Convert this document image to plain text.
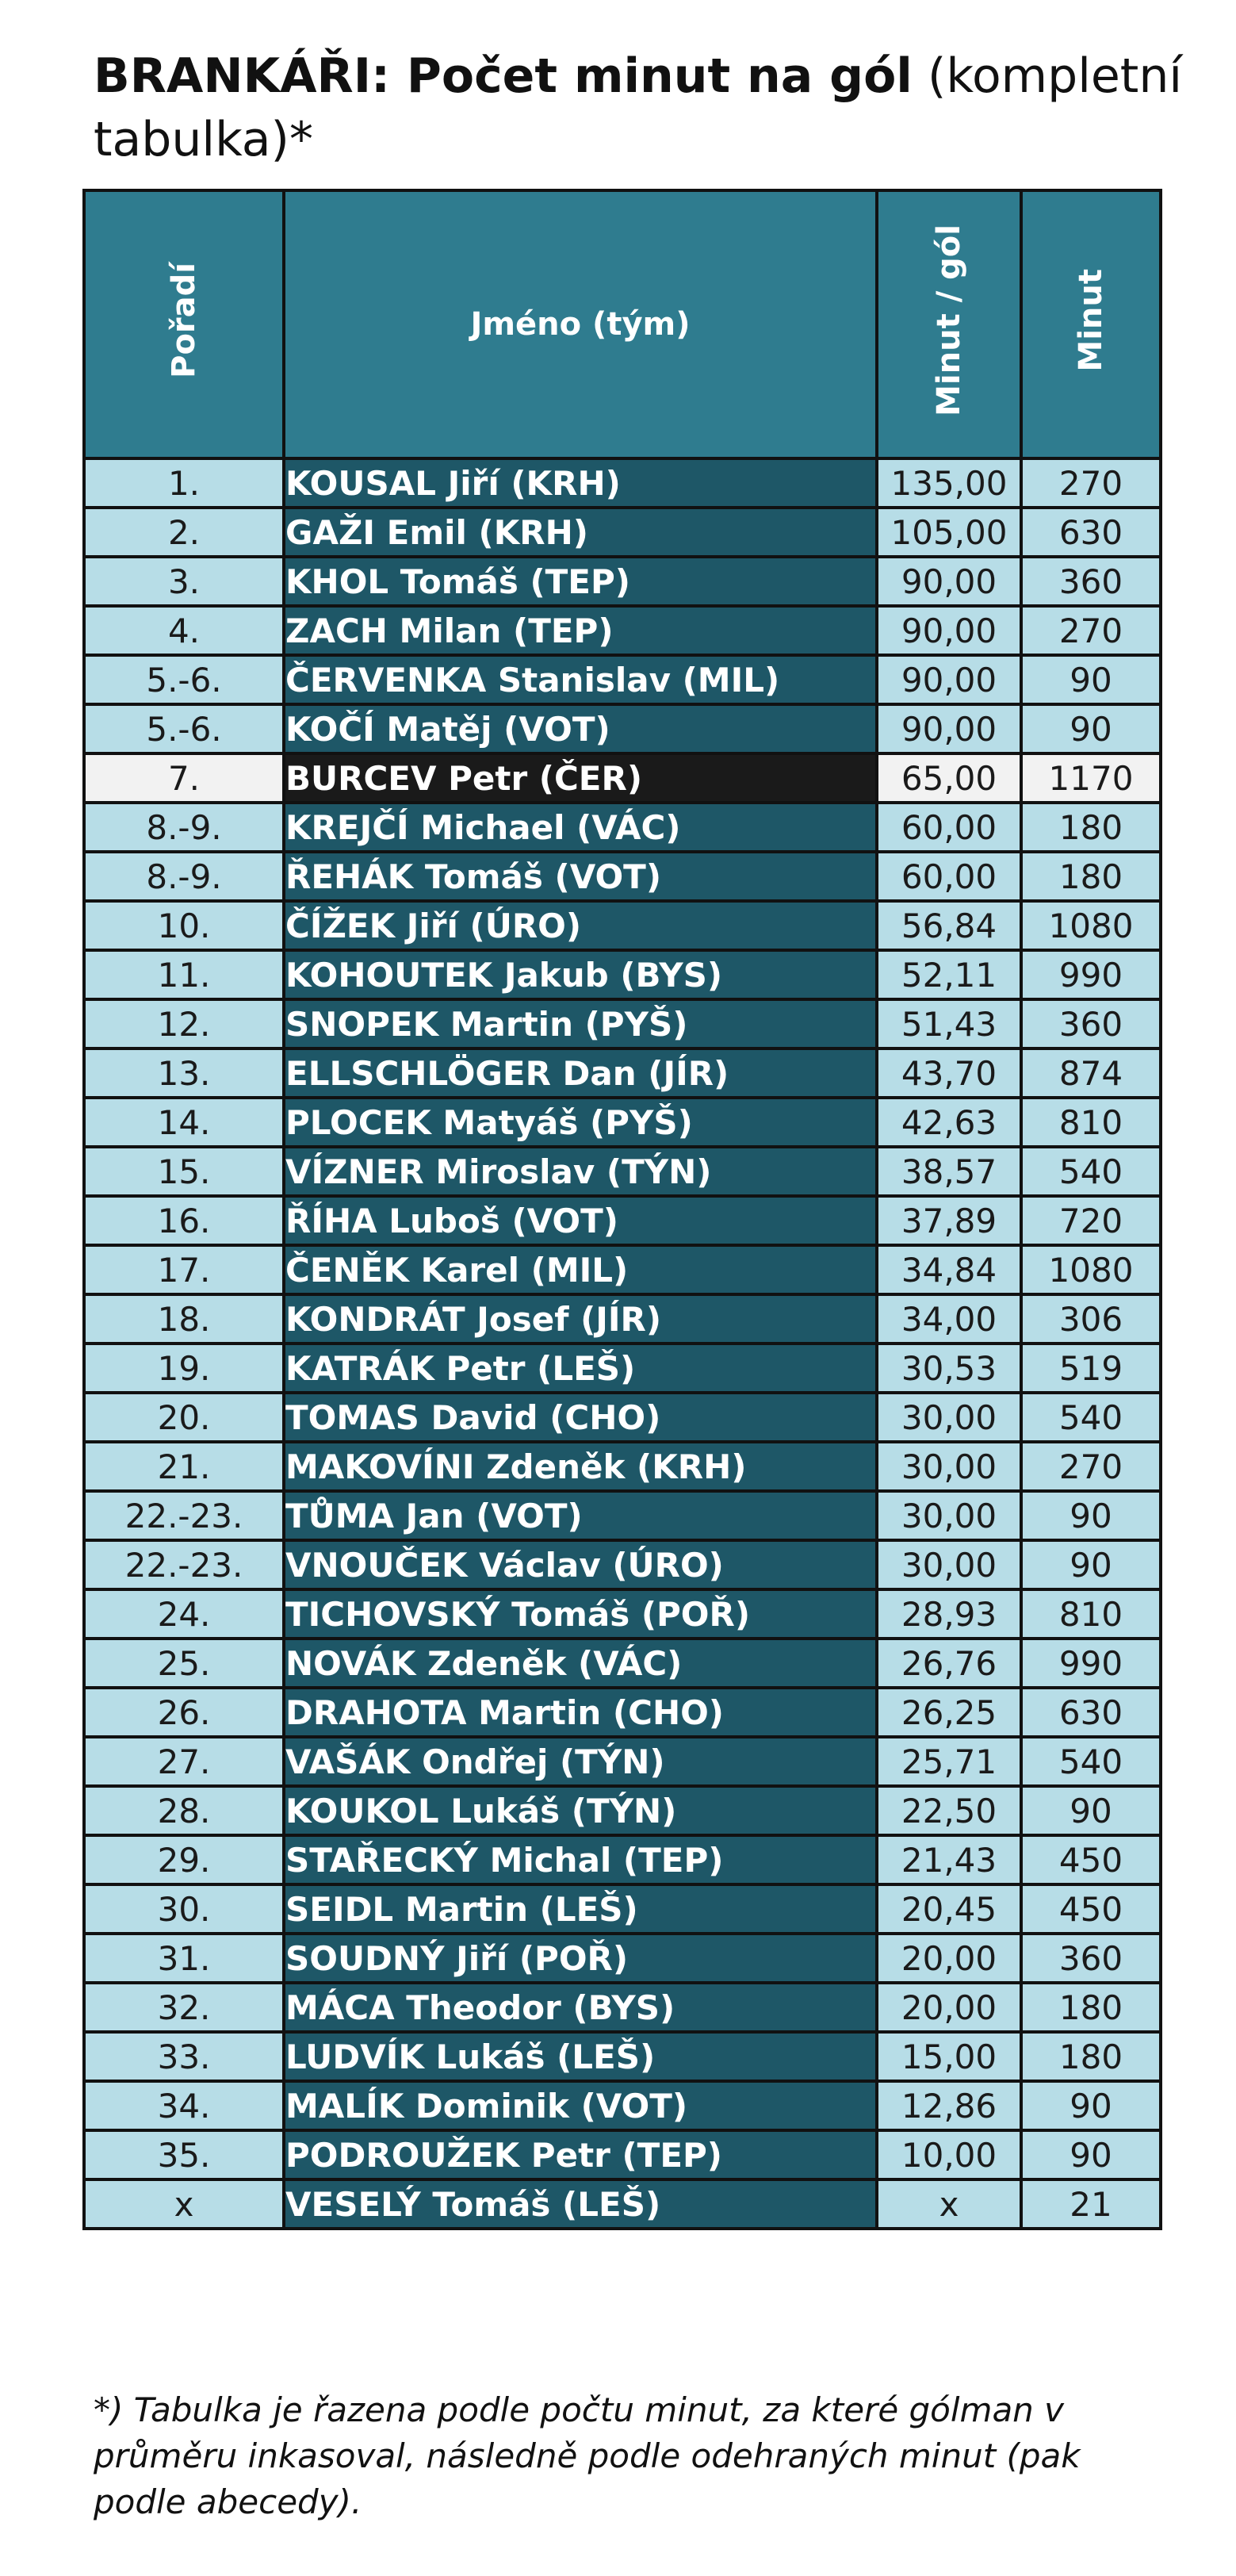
BRANKÁŘI: Počet minut na gól (kompletní tabulka)*
Pořadí	Jméno (tým)	Minut / gól	Minut
1.	KOUSAL Jiří (KRH)	135,00	270
2.	GAŽI Emil (KRH)	105,00	630
3.	KHOL Tomáš (TEP)	90,00	360
4.	ZACH Milan (TEP)	90,00	270
5.-6.	ČERVENKA Stanislav (MIL)	90,00	90
5.-6.	KOČÍ Matěj (VOT)	90,00	90
7.	BURCEV Petr (ČER)	65,00	1170
8.-9.	KREJČÍ Michael (VÁC)	60,00	180
8.-9.	ŘEHÁK Tomáš (VOT)	60,00	180
10.	ČÍŽEK Jiří (ÚRO)	56,84	1080
11.	KOHOUTEK Jakub (BYS)	52,11	990
12.	SNOPEK Martin (PYŠ)	51,43	360
13.	ELLSCHLÖGER Dan (JÍR)	43,70	874
14.	PLOCEK Matyáš (PYŠ)	42,63	810
15.	VÍZNER Miroslav (TÝN)	38,57	540
16.	ŘÍHA Luboš (VOT)	37,89	720
17.	ČENĚK Karel (MIL)	34,84	1080
18.	KONDRÁT Josef (JÍR)	34,00	306
19.	KATRÁK Petr (LEŠ)	30,53	519
20.	TOMAS David (CHO)	30,00	540
21.	MAKOVÍNI Zdeněk (KRH)	30,00	270
22.-23.	TŮMA Jan (VOT)	30,00	90
22.-23.	VNOUČEK Václav (ÚRO)	30,00	90
24.	TICHOVSKÝ Tomáš (POŘ)	28,93	810
25.	NOVÁK Zdeněk (VÁC)	26,76	990
26.	DRAHOTA Martin (CHO)	26,25	630
27.	VAŠÁK Ondřej (TÝN)	25,71	540
28.	KOUKOL Lukáš (TÝN)	22,50	90
29.	STAŘECKÝ Michal (TEP)	21,43	450
30.	SEIDL Martin (LEŠ)	20,45	450
31.	SOUDNÝ Jiří (POŘ)	20,00	360
32.	MÁCA Theodor (BYS)	20,00	180
33.	LUDVÍK Lukáš (LEŠ)	15,00	180
34.	MALÍK Dominik (VOT)	12,86	90
35.	PODROUŽEK Petr (TEP)	10,00	90
x	VESELÝ Tomáš (LEŠ)	x	21

*) Tabulka je řazena podle počtu minut, za které gólman v průměru inkasoval, následně podle odehraných minut (pak podle abecedy).
